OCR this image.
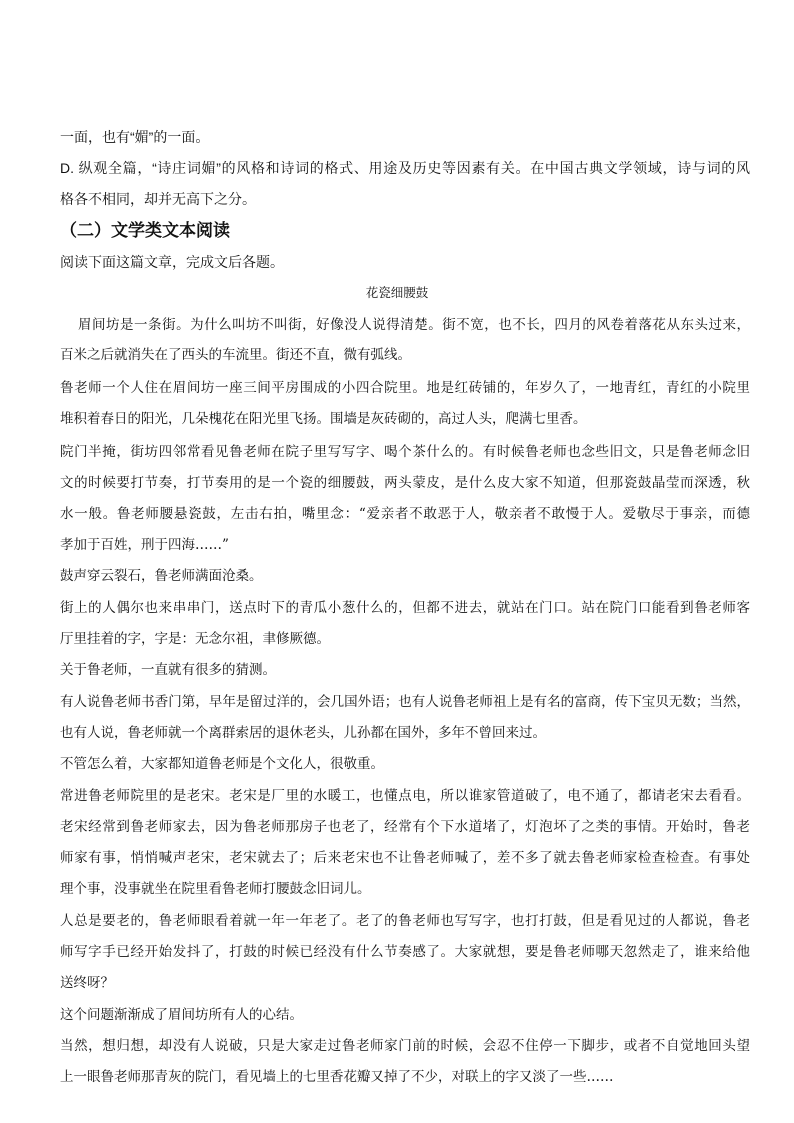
一面，也有“媚”的一面。
D. 纵观全篇，“诗庄词媚”的风格和诗词的格式、用途及历史等因素有关。在中国古典文学领域，诗与词的风
格各不相同，却并无高下之分。
（二）文学类文本阅读
阅读下面这篇文章，完成文后各题。
花瓷细腰鼓
眉间坊是一条街。为什么叫坊不叫街，好像没人说得清楚。街不宽，也不长，四月的风卷着落花从东头过来，
百米之后就消失在了西头的车流里。街还不直，微有弧线。
鲁老师一个人住在眉间坊一座三间平房围成的小四合院里。地是红砖铺的，年岁久了，一地青红，青红的小院里
堆积着春日的阳光，几朵槐花在阳光里飞扬。围墙是灰砖砌的，高过人头，爬满七里香。
院门半掩，街坊四邻常看见鲁老师在院子里写写字、喝个茶什么的。有时候鲁老师也念些旧文，只是鲁老师念旧
文的时候要打节奏，打节奏用的是一个瓷的细腰鼓，两头蒙皮，是什么皮大家不知道，但那瓷鼓晶莹而深透，秋
水一般。鲁老师腰悬瓷鼓，左击右拍，嘴里念：“爱亲者不敢恶于人，敬亲者不敢慢于人。爱敬尽于事亲，而德
孝加于百姓，刑于四海……”
鼓声穿云裂石，鲁老师满面沧桑。
街上的人偶尔也来串串门，送点时下的青瓜小葱什么的，但都不进去，就站在门口。站在院门口能看到鲁老师客
厅里挂着的字，字是：无念尔祖，聿修厥德。
关于鲁老师，一直就有很多的猜测。
有人说鲁老师书香门第，早年是留过洋的，会几国外语；也有人说鲁老师祖上是有名的富商，传下宝贝无数；当然，
也有人说，鲁老师就一个离群索居的退休老头，儿孙都在国外，多年不曾回来过。
不管怎么着，大家都知道鲁老师是个文化人，很敬重。
常进鲁老师院里的是老宋。老宋是厂里的水暖工，也懂点电，所以谁家管道破了，电不通了，都请老宋去看看。
老宋经常到鲁老师家去，因为鲁老师那房子也老了，经常有个下水道堵了，灯泡坏了之类的事情。开始时，鲁老
师家有事，悄悄喊声老宋，老宋就去了；后来老宋也不让鲁老师喊了，差不多了就去鲁老师家检查检查。有事处
理个事，没事就坐在院里看鲁老师打腰鼓念旧词儿。
人总是要老的，鲁老师眼看着就一年一年老了。老了的鲁老师也写写字，也打打鼓，但是看见过的人都说，鲁老
师写字手已经开始发抖了，打鼓的时候已经没有什么节奏感了。大家就想，要是鲁老师哪天忽然走了，谁来给他
送终呀？
这个问题渐渐成了眉间坊所有人的心结。
当然，想归想，却没有人说破，只是大家走过鲁老师家门前的时候，会忍不住停一下脚步，或者不自觉地回头望
上一眼鲁老师那青灰的院门，看见墙上的七里香花瓣又掉了不少，对联上的字又淡了一些……
